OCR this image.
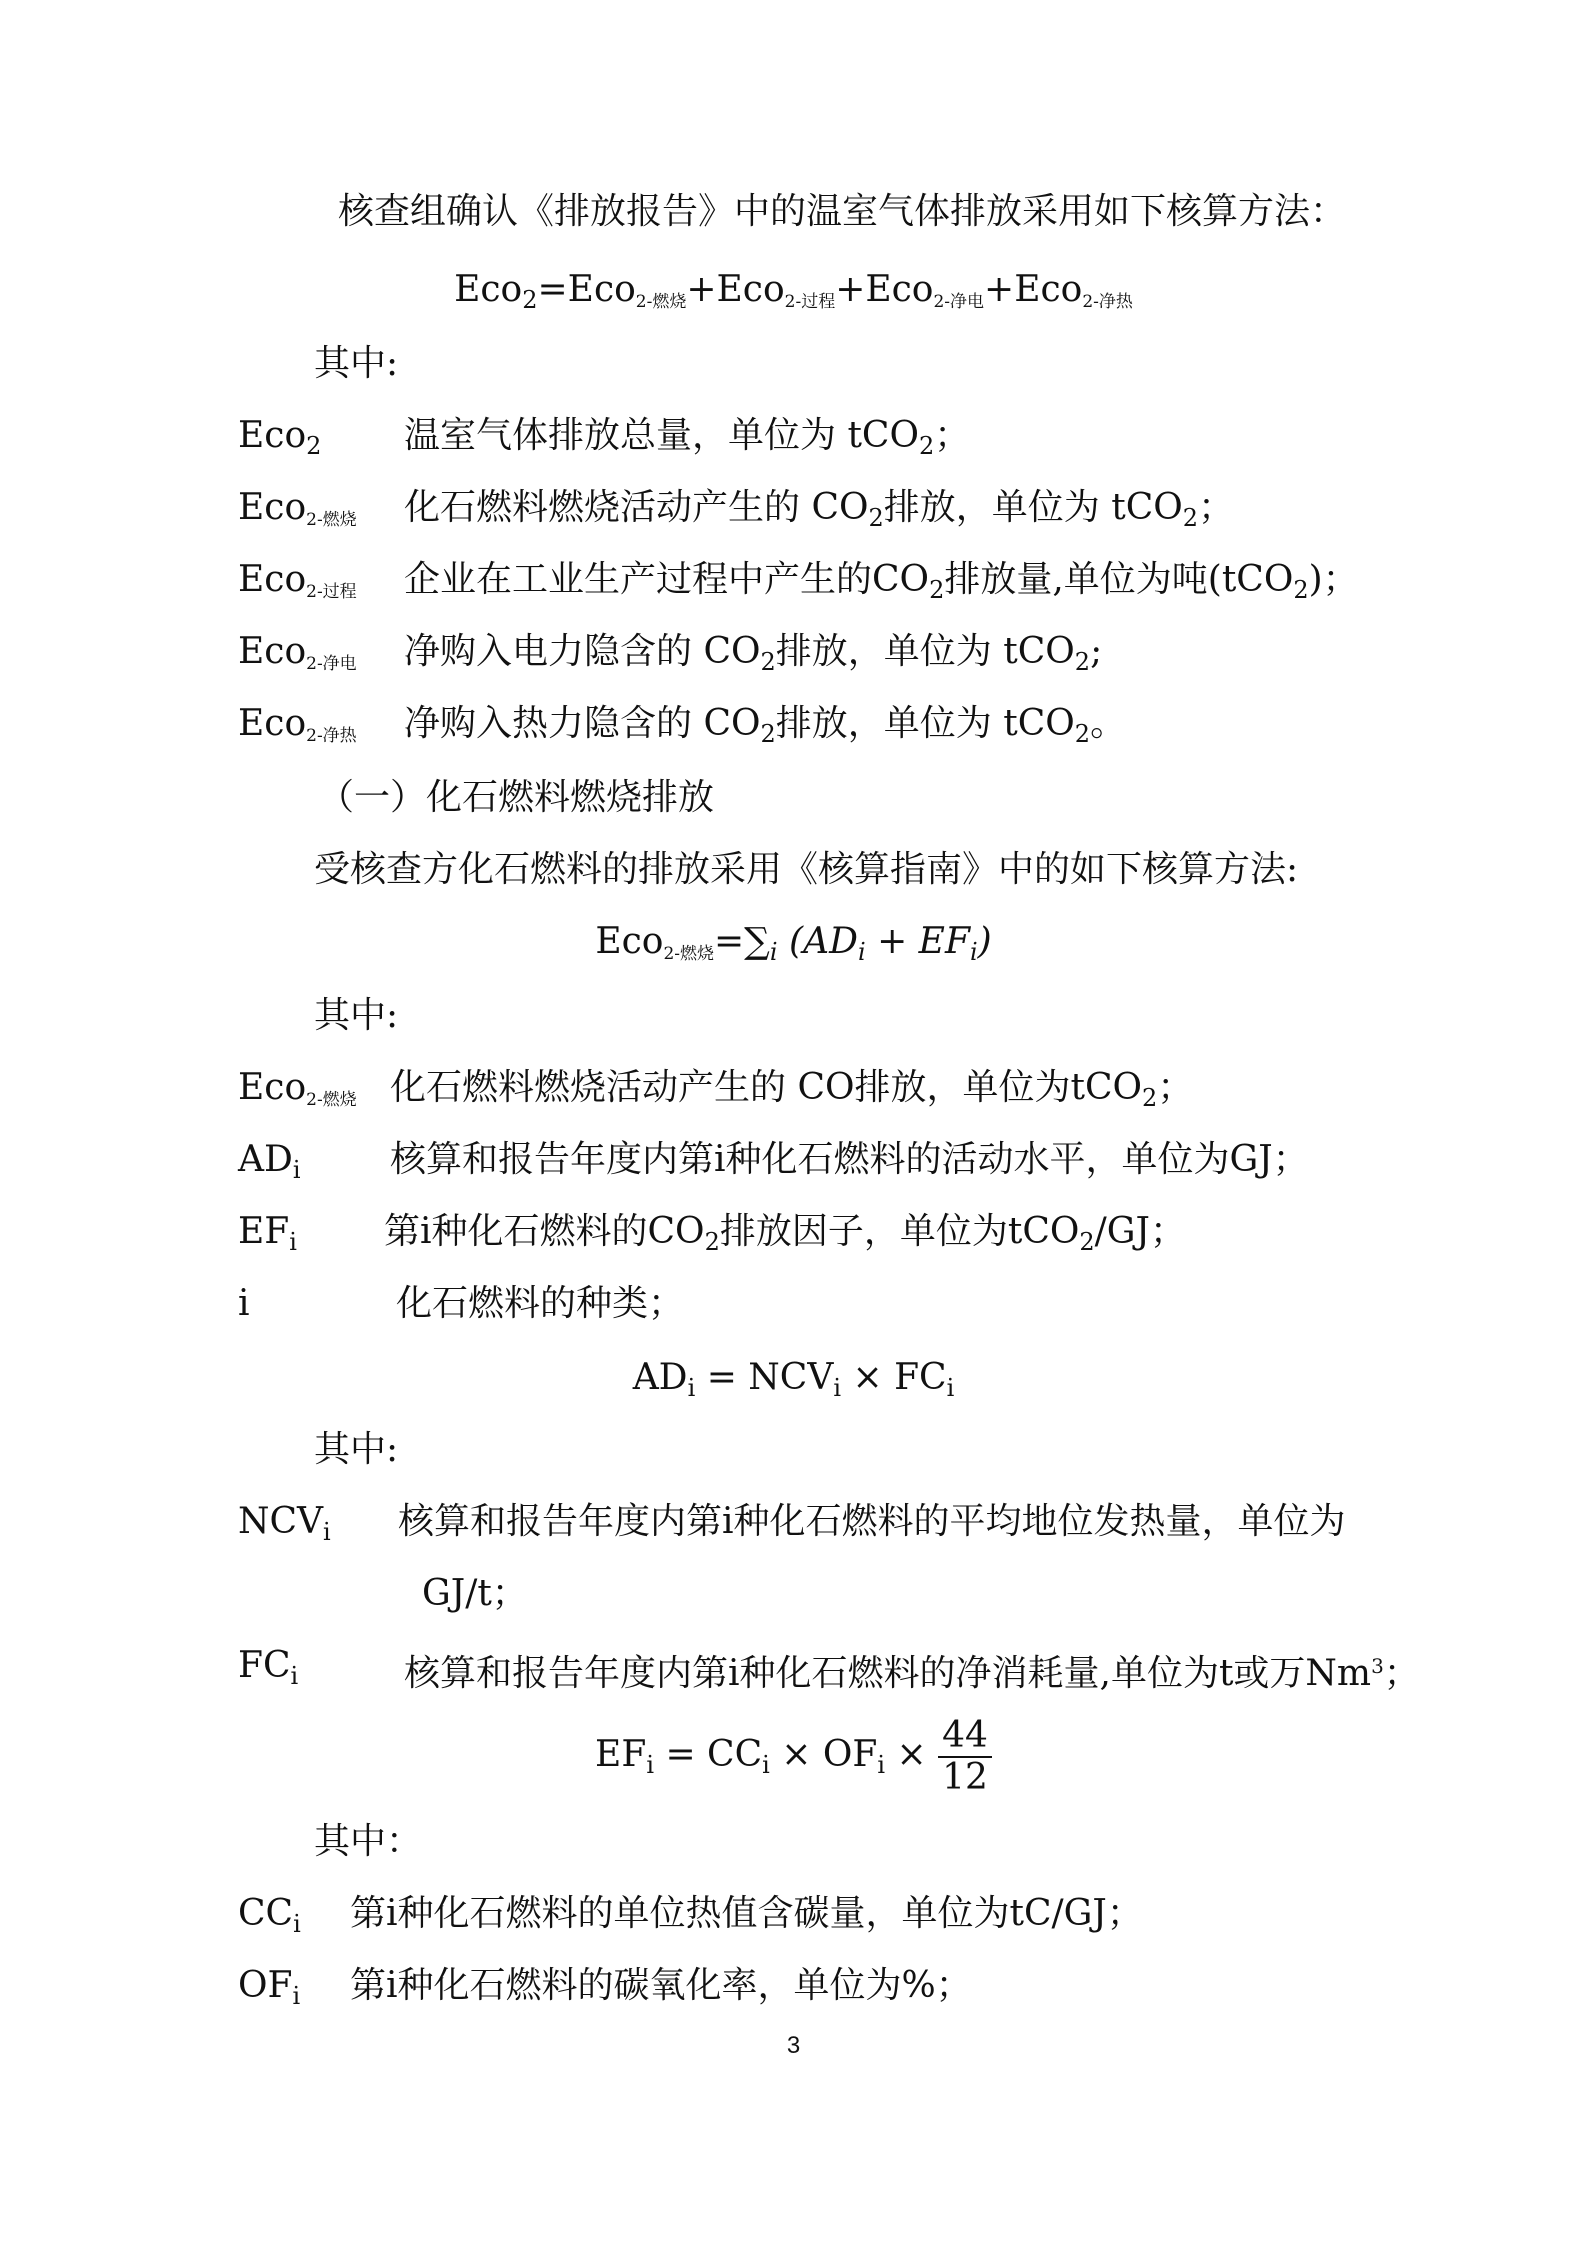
核查组确认《排放报告》中的温室气体排放采用如下核算方法：
Eco$_2$=Eco$_{2-燃烧}$+Eco$_{2-过程}$+Eco$_{2-净电}$+Eco$_{2-净热}$
其中:
Eco$_2$ 温室气体排放总量，单位为 tCO$_2$；
Eco$_{2-燃烧}$ 化石燃料燃烧活动产生的 $CO_2$排放，单位为 tCO$_2$；
Eco$_{2-过程}$ 企业在工业生产过程中产生的$CO_2$排放量,单位为吨(tCO$_2$)；
Eco$_{2-净电}$ 净购入电力隐含的 $CO_2$排放，单位为 tCO$_2$;
Eco$_{2-净热}$ 净购入热力隐含的 $CO_2$排放，单位为 tCO$_2$。
（一）化石燃料燃烧排放
受核查方化石燃料的排放采用《核算指南》中的如下核算方法:
$Eco_{2-燃烧}=\sum_i$ $(AD_i + EF_i)$
其中:
Eco$_{2-燃烧}$ 化石燃料燃烧活动产生的 CO排放，单位为tCO$_2$；
$AD_i$ 核算和报告年度内第i种化石燃料的活动水平，单位为GJ；
$EF_i$ 第i种化石燃料的$CO_2$排放因子，单位为tCO$_2$/GJ；
i	化石燃料的种类；
$AD_i = NCV_i \times FC_i$
其中:
$NCV_i$ 核算和报告年度内第i种化石燃料的平均地位发热量，单位为
GJ/t；
$FC_i$	核算和报告年度内第i种化石燃料的净消耗量,单位为t或万Nm$^3$；
$EF_i = CC_i \times OF_i \times \frac{44}{12}$
其中：
$CC_i$ 第i种化石燃料的单位热值含碳量，单位为tC/GJ；
$OF_i$ 第i种化石燃料的碳氧化率，单位为%；
3
